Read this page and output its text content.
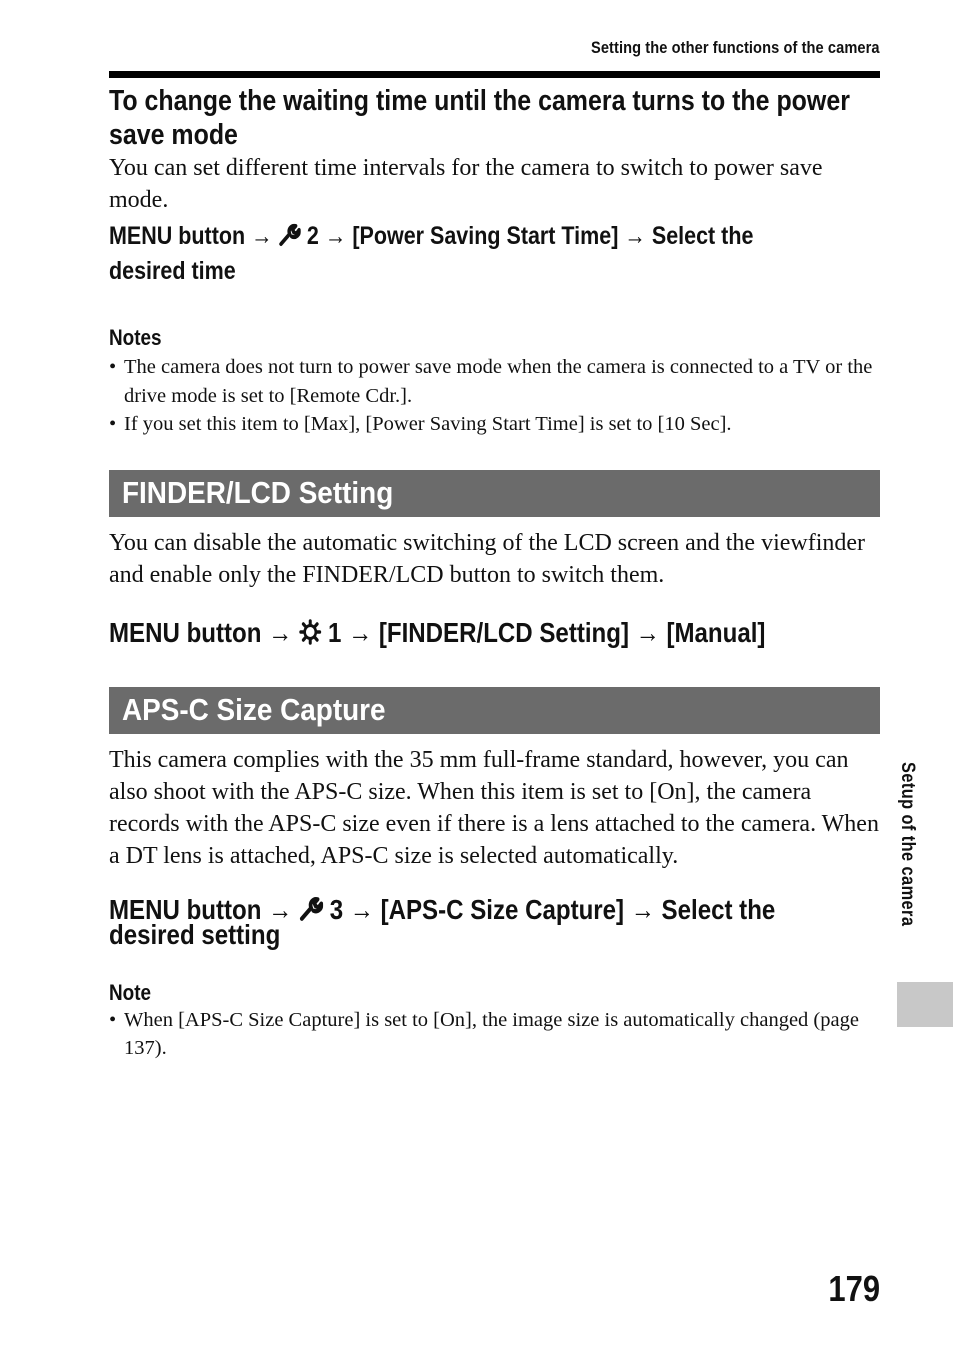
Setting the other functions of the camera

To change the waiting time until the camera turns to the power
save mode

You can set different time intervals for the camera to switch to power save mode.

MENU button → 2 → [Power Saving Start Time] → Select the
desired time

Notes

• The camera does not turn to power save mode when the camera is connected to a TV or the drive mode is set to [Remote Cdr.].
• If you set this item to [Max], [Power Saving Start Time] is set to [10 Sec].
FINDER/LCD Setting

You can disable the automatic switching of the LCD screen and the viewfinder and enable only the FINDER/LCD button to switch them.

MENU button → 1 → [FINDER/LCD Setting] → [Manual]

APS-C Size Capture

This camera complies with the 35 mm full-frame standard, however, you can also shoot with the APS-C size. When this item is set to [On], the camera records with the APS-C size even if there is a lens attached to the camera. When a DT lens is attached, APS-C size is selected automatically.

MENU button → 3 → [APS-C Size Capture] → Select the
desired setting

Note

• When [APS-C Size Capture] is set to [On], the image size is automatically changed (page 137).
Setup of the camera
179
